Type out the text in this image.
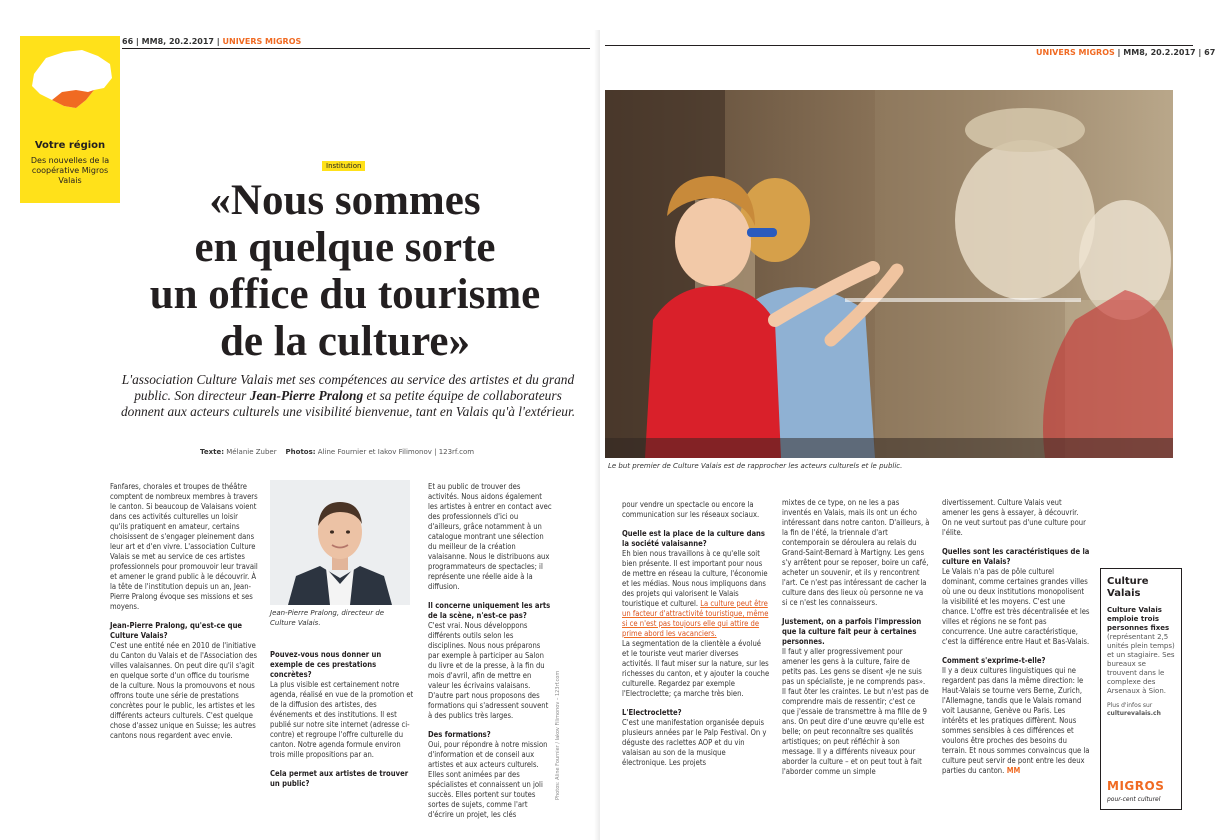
66 | MM8, 20.2.2017 | UNIVERS MIGROS
Votre région
Des nouvelles de la coopérative Migros Valais
Institution
«Nous sommes
en quelque sorte
un office du tourisme
de la culture»

L'association Culture Valais met ses compétences au service des artistes et du grand public. Son directeur Jean-Pierre Pralong et sa petite équipe de collaborateurs donnent aux acteurs culturels une visibilité bienvenue, tant en Valais qu'à l'extérieur.

Texte: Mélanie Zuber Photos: Aline Fournier et Iakov Filimonov | 123rf.com

Fanfares, chorales et troupes de théâtre comptent de nombreux membres à travers le canton. Si beaucoup de Valaisans voient dans ces activités culturelles un loisir qu'ils pratiquent en amateur, certains choisissent de s'engager pleinement dans leur art et d'en vivre. L'association Culture Valais se met au service de ces artistes professionnels pour promouvoir leur travail et amener le grand public à le découvrir. À la tête de l'institution depuis un an, Jean-Pierre Pralong évoque ses missions et ses moyens.

Jean-Pierre Pralong, qu'est-ce que Culture Valais?

C'est une entité née en 2010 de l'initiative du Canton du Valais et de l'Association des villes valaisannes. On peut dire qu'il s'agit en quelque sorte d'un office du tourisme de la culture. Nous la promouvons et nous offrons toute une série de prestations concrètes pour le public, les artistes et les différents acteurs culturels. C'est quelque chose d'assez unique en Suisse; les autres cantons nous regardent avec envie.

Jean-Pierre Pralong, directeur de Culture Valais.

Pouvez-vous nous donner un exemple de ces prestations concrètes?

La plus visible est certainement notre agenda, réalisé en vue de la promotion et de la diffusion des artistes, des événements et des institutions. Il est publié sur notre site internet (adresse ci-contre) et regroupe l'offre culturelle du canton. Notre agenda formule environ trois mille propositions par an.

Cela permet aux artistes de trouver un public?

Et au public de trouver des activités. Nous aidons également les artistes à entrer en contact avec des professionnels d'ici ou d'ailleurs, grâce notamment à un catalogue montrant une sélection du meilleur de la création valaisanne. Nous le distribuons aux programmateurs de spectacles; il représente une réelle aide à la diffusion.

Il concerne uniquement les arts de la scène, n'est-ce pas?

C'est vrai. Nous développons différents outils selon les disciplines. Nous nous préparons par exemple à participer au Salon du livre et de la presse, à la fin du mois d'avril, afin de mettre en valeur les écrivains valaisans. D'autre part nous proposons des formations qui s'adressent souvent à des publics très larges.

Des formations?

Oui, pour répondre à notre mission d'information et de conseil aux artistes et aux acteurs culturels. Elles sont animées par des spécialistes et connaissent un joli succès. Elles portent sur toutes sortes de sujets, comme l'art d'écrire un projet, les clés

Photos: Aline Fournier / Iakov Filimonov – 123rf.com
UNIVERS MIGROS | MM8, 20.2.2017 | 67
Le but premier de Culture Valais est de rapprocher les acteurs culturels et le public.

pour vendre un spectacle ou encore la communication sur les réseaux sociaux.

Quelle est la place de la culture dans la société valaisanne?

Eh bien nous travaillons à ce qu'elle soit bien présente. Il est important pour nous de mettre en réseau la culture, l'économie et les médias. Nous nous impliquons dans des projets qui valorisent le Valais touristique et culturel. La culture peut être un facteur d'attractivité touristique, même si ce n'est pas toujours elle qui attire de prime abord les vacanciers.

La segmentation de la clientèle a évolué et le touriste veut marier diverses activités. Il faut miser sur la nature, sur les richesses du canton, et y ajouter la couche culturelle. Regardez par exemple l'Electroclette; ça marche très bien.

L'Electroclette?

C'est une manifestation organisée depuis plusieurs années par le Palp Festival. On y déguste des raclettes AOP et du vin valaisan au son de la musique électronique. Les projets

mixtes de ce type, on ne les a pas inventés en Valais, mais ils ont un écho intéressant dans notre canton. D'ailleurs, à la fin de l'été, la triennale d'art contemporain se déroulera au relais du Grand-Saint-Bernard à Martigny. Les gens s'y arrêtent pour se reposer, boire un café, acheter un souvenir, et ils y rencontrent l'art. Ce n'est pas intéressant de cacher la culture dans des lieux où personne ne va si ce n'est les connaisseurs.

Justement, on a parfois l'impression que la culture fait peur à certaines personnes.

Il faut y aller progressivement pour amener les gens à la culture, faire de petits pas. Les gens se disent «Je ne suis pas un spécialiste, je ne comprends pas». Il faut ôter les craintes. Le but n'est pas de comprendre mais de ressentir; c'est ce que j'essaie de transmettre à ma fille de 9 ans. On peut dire d'une œuvre qu'elle est belle; on peut reconnaître ses qualités artistiques; on peut réfléchir à son message. Il y a différents niveaux pour aborder la culture – et on peut tout à fait l'aborder comme un simple

divertissement. Culture Valais veut amener les gens à essayer, à découvrir. On ne veut surtout pas d'une culture pour l'élite.

Quelles sont les caractéristiques de la culture en Valais?

Le Valais n'a pas de pôle culturel dominant, comme certaines grandes villes où une ou deux institutions monopolisent la visibilité et les moyens. C'est une chance. L'offre est très décentralisée et les villes et régions ne se font pas concurrence. Une autre caractéristique, c'est la différence entre Haut et Bas-Valais.

Comment s'exprime-t-elle?

Il y a deux cultures linguistiques qui ne regardent pas dans la même direction: le Haut-Valais se tourne vers Berne, Zurich, l'Allemagne, tandis que le Valais romand voit Lausanne, Genève ou Paris. Les intérêts et les pratiques diffèrent. Nous sommes sensibles à ces différences et voulons être proches des besoins du terrain. Et nous sommes convaincus que la culture peut servir de pont entre les deux parties du canton. MM

Culture Valais
Culture Valais emploie trois personnes fixes (représentant 2,5 unités plein temps) et un stagiaire. Ses bureaux se trouvent dans le complexe des Arsenaux à Sion.
Plus d'infos sur
culturevalais.ch
MIGROS
pour-cent culturel
